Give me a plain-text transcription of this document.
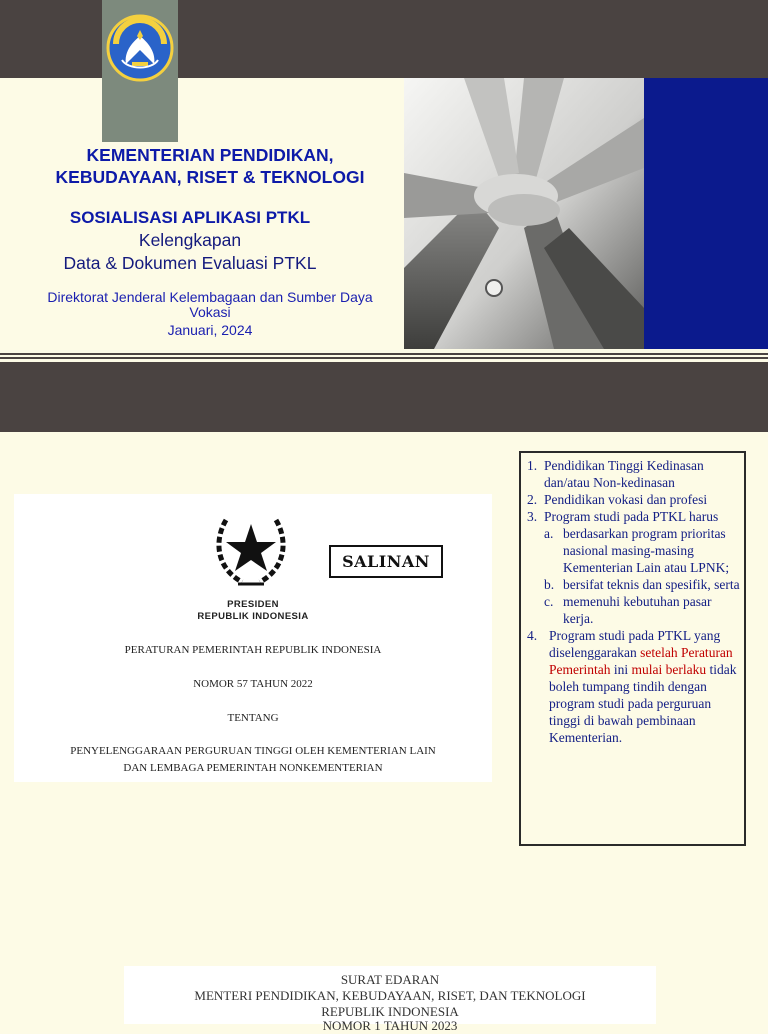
KEMENTERIAN PENDIDIKAN,
KEBUDAYAAN, RISET & TEKNOLOGI
SOSIALISASI APLIKASI PTKL
Kelengkapan
Data & Dokumen Evaluasi PTKL
Direktorat Jenderal Kelembagaan dan Sumber Daya
Vokasi
Januari, 2024
SALINAN
PRESIDEN
REPUBLIK INDONESIA
PERATURAN PEMERINTAH REPUBLIK INDONESIA
NOMOR 57 TAHUN 2022
TENTANG
PENYELENGGARAAN PERGURUAN TINGGI OLEH KEMENTERIAN LAIN
DAN LEMBAGA PEMERINTAH NONKEMENTERIAN
1. Pendidikan Tinggi Kedinasan dan/atau Non-kedinasan
2. Pendidikan vokasi dan profesi
3. Program studi pada PTKL harus
a. berdasarkan program prioritas nasional masing-masing Kementerian Lain atau LPNK;
b. bersifat teknis dan spesifik, serta
c. memenuhi kebutuhan pasar kerja.
4. Program studi pada PTKL yang diselenggarakan setelah Peraturan Pemerintah ini mulai berlaku tidak boleh tumpang tindih dengan program studi pada perguruan tinggi di bawah pembinaan Kementerian.
SURAT EDARAN
MENTERI PENDIDIKAN, KEBUDAYAAN, RISET, DAN TEKNOLOGI
REPUBLIK INDONESIA
NOMOR 1 TAHUN 2023
